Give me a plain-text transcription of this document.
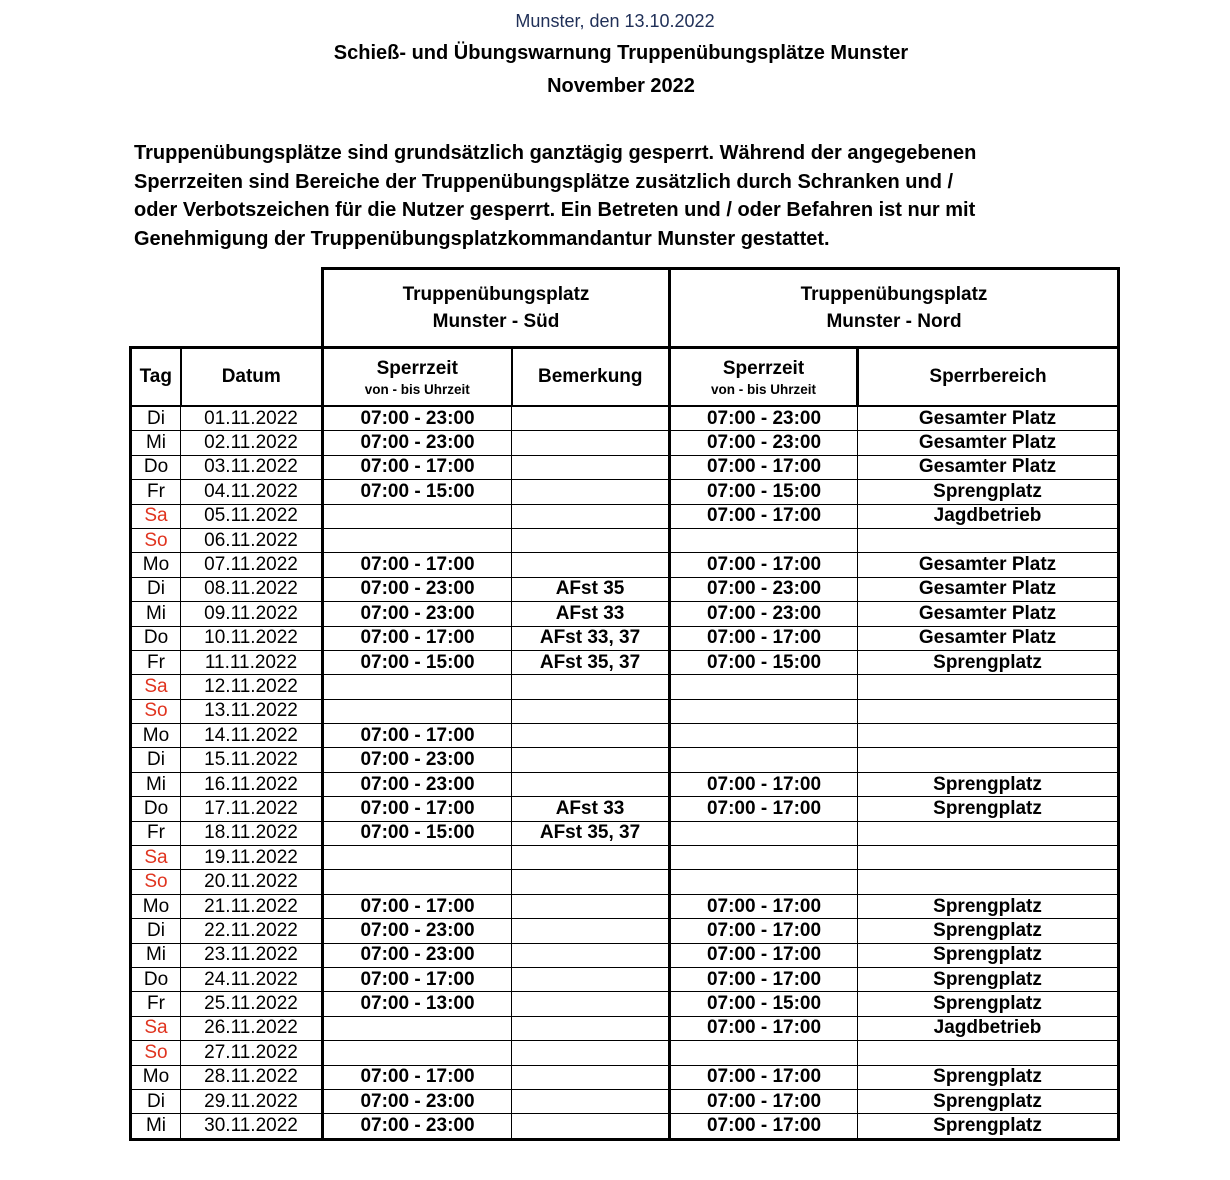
Munster, den 13.10.2022
Schieß- und Übungswarnung Truppenübungsplätze Munster
November 2022

Truppenübungsplätze sind grundsätzlich ganztägig gesperrt. Während der angegebenen
Sperrzeiten sind Bereiche der Truppenübungsplätze zusätzlich durch Schranken und /
oder Verbotszeichen für die Nutzer gesperrt. Ein Betreten und / oder Befahren ist nur mit
Genehmigung der Truppenübungsplatzkommandantur Munster gestattet.

		Truppenübungsplatz
Munster - Süd		Truppenübungsplatz
Munster - Nord	
Tag	Datum	Sperrzeit
von - bis Uhrzeit	Bemerkung	Sperrzeit
von - bis Uhrzeit	Sperrbereich
Di	01.11.2022	07:00 - 23:00		07:00 - 23:00	Gesamter Platz
Mi	02.11.2022	07:00 - 23:00		07:00 - 23:00	Gesamter Platz
Do	03.11.2022	07:00 - 17:00		07:00 - 17:00	Gesamter Platz
Fr	04.11.2022	07:00 - 15:00		07:00 - 15:00	Sprengplatz
Sa	05.11.2022			07:00 - 17:00	Jagdbetrieb
So	06.11.2022				
Mo	07.11.2022	07:00 - 17:00		07:00 - 17:00	Gesamter Platz
Di	08.11.2022	07:00 - 23:00	AFst 35	07:00 - 23:00	Gesamter Platz
Mi	09.11.2022	07:00 - 23:00	AFst 33	07:00 - 23:00	Gesamter Platz
Do	10.11.2022	07:00 - 17:00	AFst 33, 37	07:00 - 17:00	Gesamter Platz
Fr	11.11.2022	07:00 - 15:00	AFst 35, 37	07:00 - 15:00	Sprengplatz
Sa	12.11.2022				
So	13.11.2022				
Mo	14.11.2022	07:00 - 17:00			
Di	15.11.2022	07:00 - 23:00			
Mi	16.11.2022	07:00 - 23:00		07:00 - 17:00	Sprengplatz
Do	17.11.2022	07:00 - 17:00	AFst 33	07:00 - 17:00	Sprengplatz
Fr	18.11.2022	07:00 - 15:00	AFst 35, 37		
Sa	19.11.2022				
So	20.11.2022				
Mo	21.11.2022	07:00 - 17:00		07:00 - 17:00	Sprengplatz
Di	22.11.2022	07:00 - 23:00		07:00 - 17:00	Sprengplatz
Mi	23.11.2022	07:00 - 23:00		07:00 - 17:00	Sprengplatz
Do	24.11.2022	07:00 - 17:00		07:00 - 17:00	Sprengplatz
Fr	25.11.2022	07:00 - 13:00		07:00 - 15:00	Sprengplatz
Sa	26.11.2022			07:00 - 17:00	Jagdbetrieb
So	27.11.2022				
Mo	28.11.2022	07:00 - 17:00		07:00 - 17:00	Sprengplatz
Di	29.11.2022	07:00 - 23:00		07:00 - 17:00	Sprengplatz
Mi	30.11.2022	07:00 - 23:00		07:00 - 17:00	Sprengplatz
